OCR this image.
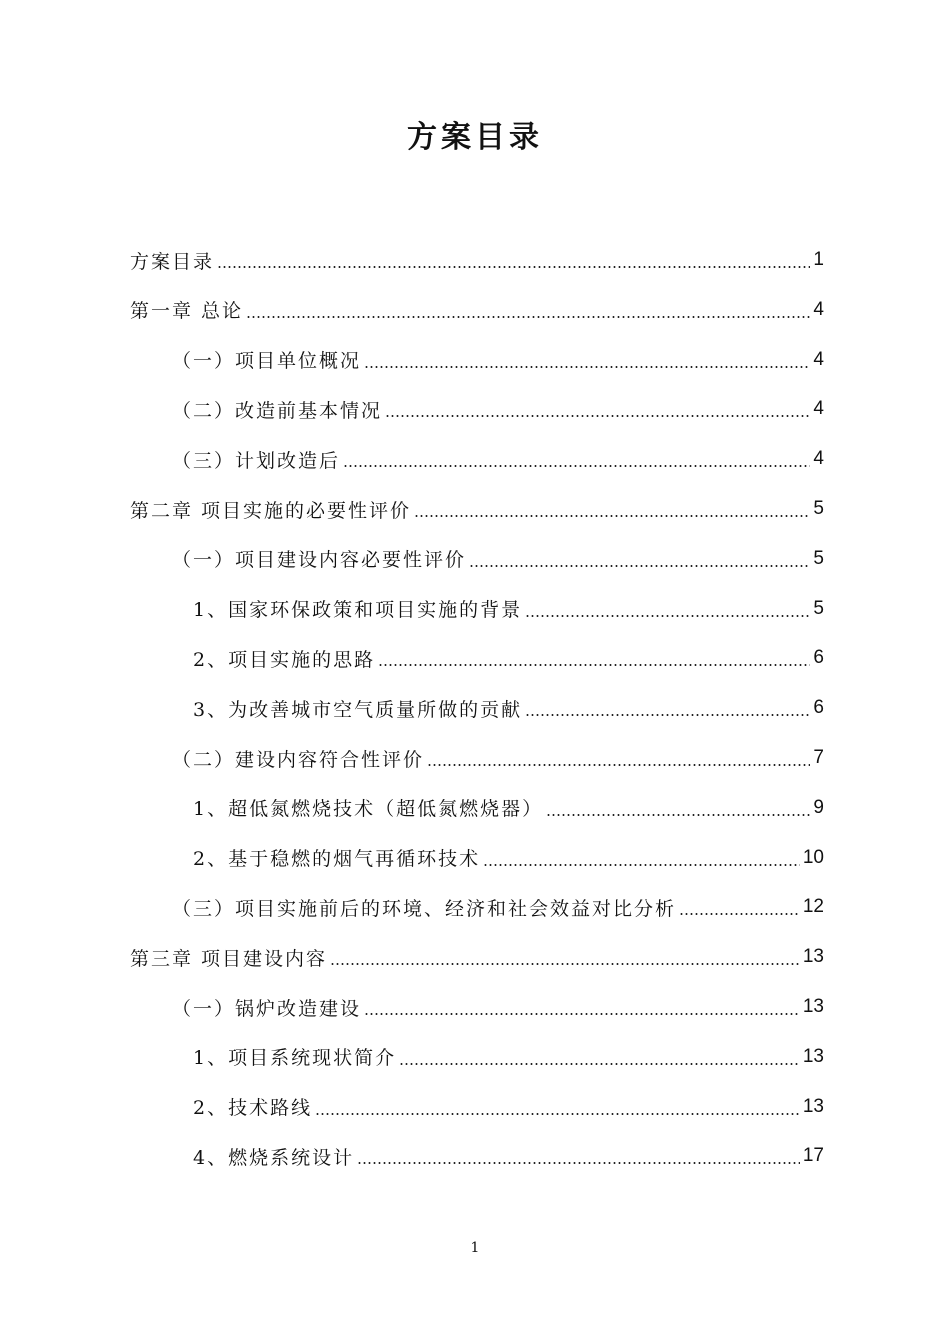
方案目录
方案目录	1
第一章 总论	4
（一）项目单位概况	4
（二）改造前基本情况	4
（三）计划改造后	4
第二章 项目实施的必要性评价	5
（一）项目建设内容必要性评价	5
1、国家环保政策和项目实施的背景	5
2、项目实施的思路	6
3、为改善城市空气质量所做的贡献	6
（二）建设内容符合性评价	7
1、超低氮燃烧技术（超低氮燃烧器）	9
2、基于稳燃的烟气再循环技术	10
（三）项目实施前后的环境、经济和社会效益对比分析	12
第三章 项目建设内容	13
（一）锅炉改造建设	13
1、项目系统现状简介	13
2、技术路线	13
4、燃烧系统设计	17
1
